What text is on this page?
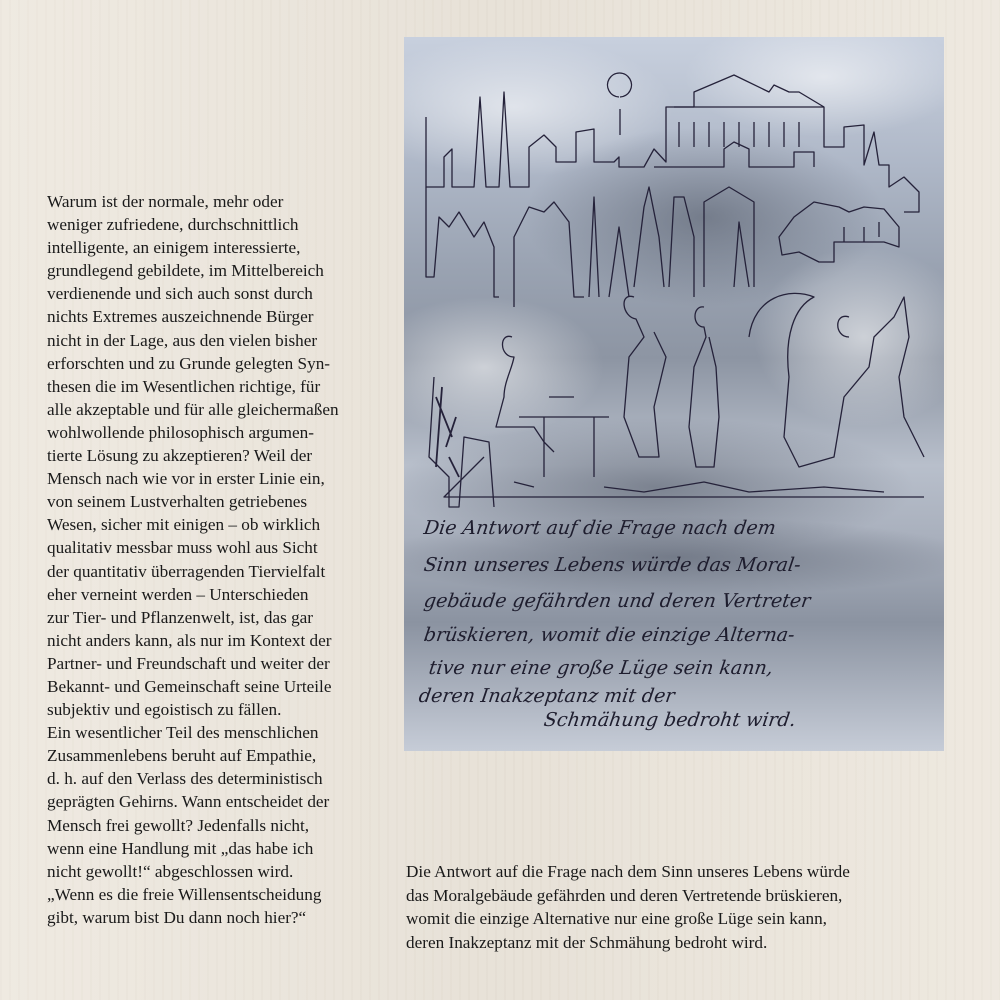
Warum ist der normale, mehr oder
weniger zufriedene, durchschnittlich
intelligente, an einigem interessierte,
grundlegend gebildete, im Mittelbereich
verdienende und sich auch sonst durch
nichts Extremes auszeichnende Bürger
nicht in der Lage, aus den vielen bisher
erforschten und zu Grunde gelegten Syn-
thesen die im Wesentlichen richtige, für
alle akzeptable und für alle gleichermaßen
wohlwollende philosophisch argumen-
tierte Lösung zu akzeptieren? Weil der
Mensch nach wie vor in erster Linie ein,
von seinem Lustverhalten getriebenes
Wesen, sicher mit einigen – ob wirklich
qualitativ messbar muss wohl aus Sicht
der quantitativ überragenden Tiervielfalt
eher verneint werden – Unterschieden
zur Tier- und Pflanzenwelt, ist, das gar
nicht anders kann, als nur im Kontext der
Partner- und Freundschaft und weiter der
Bekannt- und Gemeinschaft seine Urteile
subjektiv und egoistisch zu fällen.

Ein wesentlicher Teil des menschlichen
Zusammenlebens beruht auf Empathie,
d. h. auf den Verlass des deterministisch
geprägten Gehirns. Wann entscheidet der
Mensch frei gewollt? Jedenfalls nicht,
wenn eine Handlung mit „das habe ich
nicht gewollt!“ abgeschlossen wird.
„Wenn es die freie Willensentscheidung
gibt, warum bist Du dann noch hier?“

Die Antwort auf die Frage nach dem
Sinn unseres Lebens würde das Moral-
gebäude gefährden und deren Vertreter
brüskieren, womit die einzige Alterna-
tive nur eine große Lüge sein kann,
deren Inakzeptanz mit der
Schmähung bedroht wird.

Die Antwort auf die Frage nach dem Sinn unseres Lebens würde
das Moralgebäude gefährden und deren Vertretende brüskieren,
womit die einzige Alternative nur eine große Lüge sein kann,
deren Inakzeptanz mit der Schmähung bedroht wird.
